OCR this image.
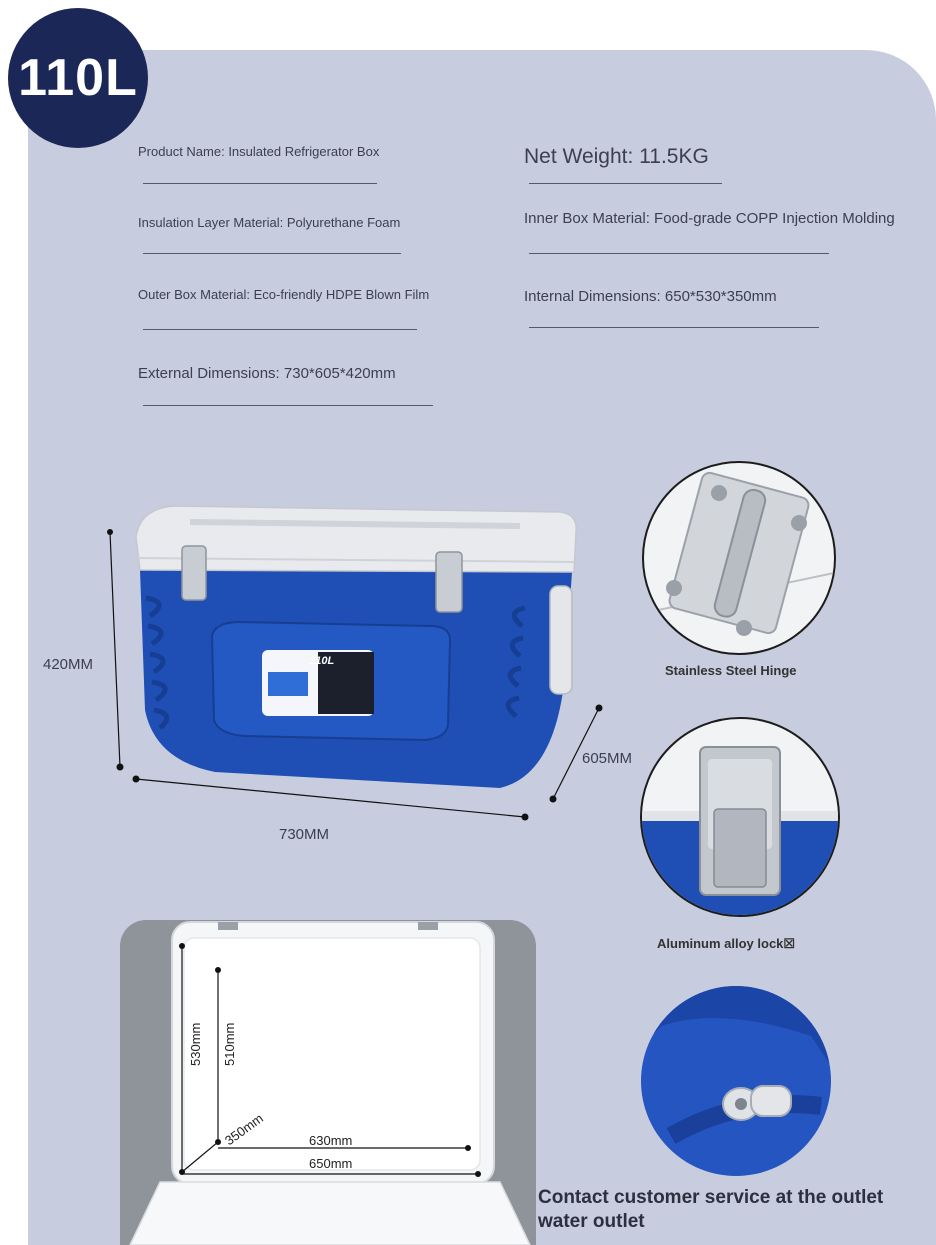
110L
Product Name: Insulated Refrigerator Box
Insulation Layer Material: Polyurethane Foam
Outer Box Material: Eco-friendly HDPE Blown Film
External Dimensions: 730*605*420mm
Net Weight: 11.5KG
Inner Box Material: Food-grade COPP Injection Molding
Internal Dimensions: 650*530*350mm
110L
420MM
605MM
730MM
Stainless Steel Hinge
Aluminum alloy lock☒
Contact customer service at the outlet water outlet
530mm 510mm
350mm	630mm
650mm
